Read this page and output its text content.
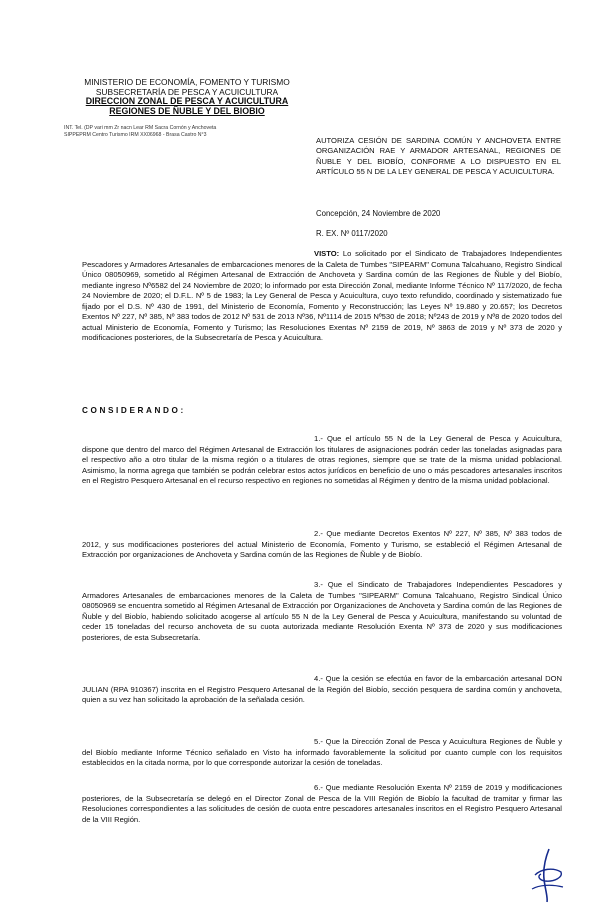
MINISTERIO DE ECONOMÍA, FOMENTO Y TURISMO
SUBSECRETARÍA DE PESCA Y ACUICULTURA
DIRECCION ZONAL DE PESCA Y ACUICULTURA
REGIONES DE ÑUBLE Y DEL BIOBIO
INT. Tel. (DP vari mm Zr nacn Lear RM Sacra Cornón y Anchoveta
SIPPEPRM Centro Turismo IRM XX06968 - Brasa Castro N°3
AUTORIZA CESIÓN DE SARDINA COMÚN Y ANCHOVETA ENTRE ORGANIZACIÓN RAE Y ARMADOR ARTESANAL, REGIONES DE ÑUBLE Y DEL BIOBÍO, CONFORME A LO DISPUESTO EN EL ARTÍCULO 55 N DE LA LEY GENERAL DE PESCA Y ACUICULTURA.
Concepción, 24 Noviembre de 2020
R. EX. Nº 0117/2020
VISTO: Lo solicitado por el Sindicato de Trabajadores Independientes Pescadores y Armadores Artesanales de embarcaciones menores de la Caleta de Tumbes "SIPEARM" Comuna Talcahuano, Registro Sindical Único 08050969, sometido al Régimen Artesanal de Extracción de Anchoveta y Sardina común de las Regiones de Ñuble y del Biobío, mediante ingreso Nº6582 del 24 Noviembre de 2020; lo informado por esta Dirección Zonal, mediante Informe Técnico Nº 117/2020, de fecha 24 Noviembre de 2020; el D.F.L. Nº 5 de 1983; la Ley General de Pesca y Acuicultura, cuyo texto refundido, coordinado y sistematizado fue fijado por el D.S. Nº 430 de 1991, del Ministerio de Economía, Fomento y Reconstrucción; las Leyes Nº 19.880 y 20.657; los Decretos Exentos Nº 227, Nº 385, Nº 383 todos de 2012 Nº 531 de 2013 Nº36, Nº1114 de 2015 Nº530 de 2018; Nº243 de 2019 y Nº8 de 2020 todos del actual Ministerio de Economía, Fomento y Turismo; las Resoluciones Exentas Nº 2159 de 2019, Nº 3863 de 2019 y Nº 373 de 2020 y modificaciones posteriores, de la Subsecretaría de Pesca y Acuicultura.
CONSIDERANDO:
1.- Que el artículo 55 N de la Ley General de Pesca y Acuicultura, dispone que dentro del marco del Régimen Artesanal de Extracción los titulares de asignaciones podrán ceder las toneladas asignadas para el respectivo año a otro titular de la misma región o a titulares de otras regiones, siempre que se trate de la misma unidad poblacional. Asimismo, la norma agrega que también se podrán celebrar estos actos jurídicos en beneficio de uno o más pescadores artesanales inscritos en el Registro Pesquero Artesanal en el recurso respectivo en regiones no sometidas al Régimen y dentro de la misma unidad poblacional.
2.- Que mediante Decretos Exentos Nº 227, Nº 385, Nº 383 todos de 2012, y sus modificaciones posteriores del actual Ministerio de Economía, Fomento y Turismo, se estableció el Régimen Artesanal de Extracción por organizaciones de Anchoveta y Sardina común de las Regiones de Ñuble y de Biobío.
3.- Que el Sindicato de Trabajadores Independientes Pescadores y Armadores Artesanales de embarcaciones menores de la Caleta de Tumbes "SIPEARM" Comuna Talcahuano, Registro Sindical Único 08050969 se encuentra sometido al Régimen Artesanal de Extracción por Organizaciones de Anchoveta y Sardina común de las Regiones de Ñuble y del Biobío, habiendo solicitado acogerse al artículo 55 N de la Ley General de Pesca y Acuicultura, manifestando su voluntad de ceder 15 toneladas del recurso anchoveta de su cuota autorizada mediante Resolución Exenta Nº 373 de 2020 y sus modificaciones posteriores, de esta Subsecretaría.
4.- Que la cesión se efectúa en favor de la embarcación artesanal DON JULIAN (RPA 910367) inscrita en el Registro Pesquero Artesanal de la Región del Biobío, sección pesquera de sardina común y anchoveta, quien a su vez han solicitado la aprobación de la señalada cesión.
5.- Que la Dirección Zonal de Pesca y Acuicultura Regiones de Ñuble y del Biobío mediante Informe Técnico señalado en Visto ha informado favorablemente la solicitud por cuanto cumple con los requisitos establecidos en la citada norma, por lo que corresponde autorizar la cesión de toneladas.
6.- Que mediante Resolución Exenta Nº 2159 de 2019 y modificaciones posteriores, de la Subsecretaría se delegó en el Director Zonal de Pesca de la VIII Región de Biobío la facultad de tramitar y firmar las Resoluciones correspondientes a las solicitudes de cesión de cuota entre pescadores artesanales inscritos en el Registro Pesquero Artesanal de la VIII Región.
